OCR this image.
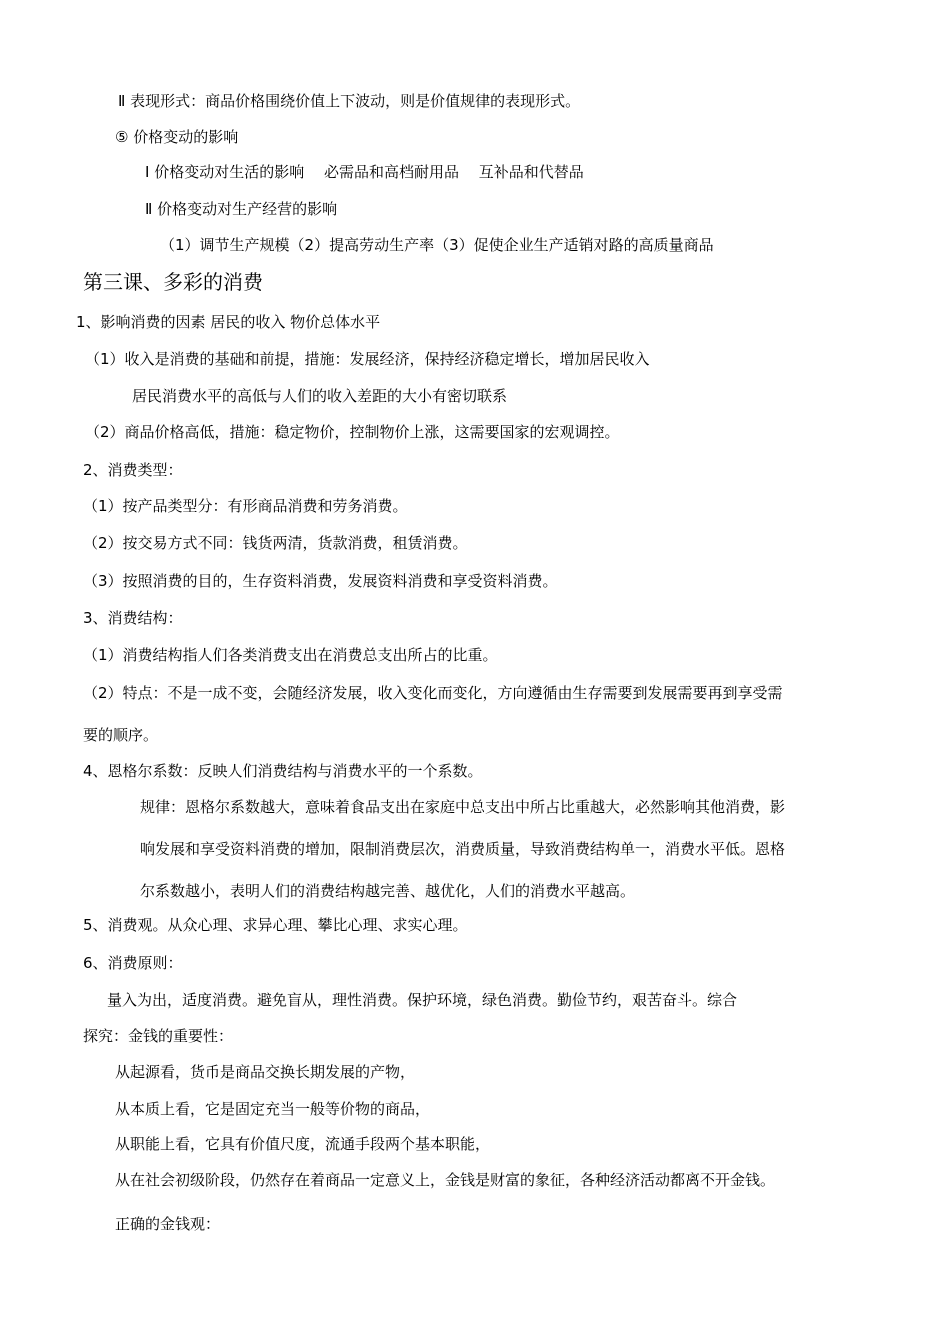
Ⅱ 表现形式：商品价格围绕价值上下波动，则是价值规律的表现形式。
⑤ 价格变动的影响
Ⅰ 价格变动对生活的影响　 必需品和高档耐用品　 互补品和代替品
Ⅱ 价格变动对生产经营的影响
（1）调节生产规模（2）提高劳动生产率（3）促使企业生产适销对路的高质量商品
第三课、多彩的消费
1、影响消费的因素 居民的收入 物价总体水平
（1）收入是消费的基础和前提，措施：发展经济，保持经济稳定增长，增加居民收入
居民消费水平的高低与人们的收入差距的大小有密切联系
（2）商品价格高低，措施：稳定物价，控制物价上涨，这需要国家的宏观调控。
2、消费类型：
（1）按产品类型分：有形商品消费和劳务消费。
（2）按交易方式不同：钱货两清，货款消费，租赁消费。
（3）按照消费的目的，生存资料消费，发展资料消费和享受资料消费。
3、消费结构：
（1）消费结构指人们各类消费支出在消费总支出所占的比重。
（2）特点：不是一成不变，会随经济发展，收入变化而变化，方向遵循由生存需要到发展需要再到享受需
要的顺序。
4、恩格尔系数：反映人们消费结构与消费水平的一个系数。
规律：恩格尔系数越大，意味着食品支出在家庭中总支出中所占比重越大，必然影响其他消费，影
响发展和享受资料消费的增加，限制消费层次，消费质量，导致消费结构单一，消费水平低。恩格
尔系数越小，表明人们的消费结构越完善、越优化，人们的消费水平越高。
5、消费观。从众心理、求异心理、攀比心理、求实心理。
6、消费原则：
量入为出，适度消费。避免盲从，理性消费。保护环境，绿色消费。勤俭节约，艰苦奋斗。综合
探究：金钱的重要性：
从起源看，货币是商品交换长期发展的产物，
从本质上看，它是固定充当一般等价物的商品，
从职能上看，它具有价值尺度，流通手段两个基本职能，
从在社会初级阶段，仍然存在着商品一定意义上，金钱是财富的象征，各种经济活动都离不开金钱。
正确的金钱观：
